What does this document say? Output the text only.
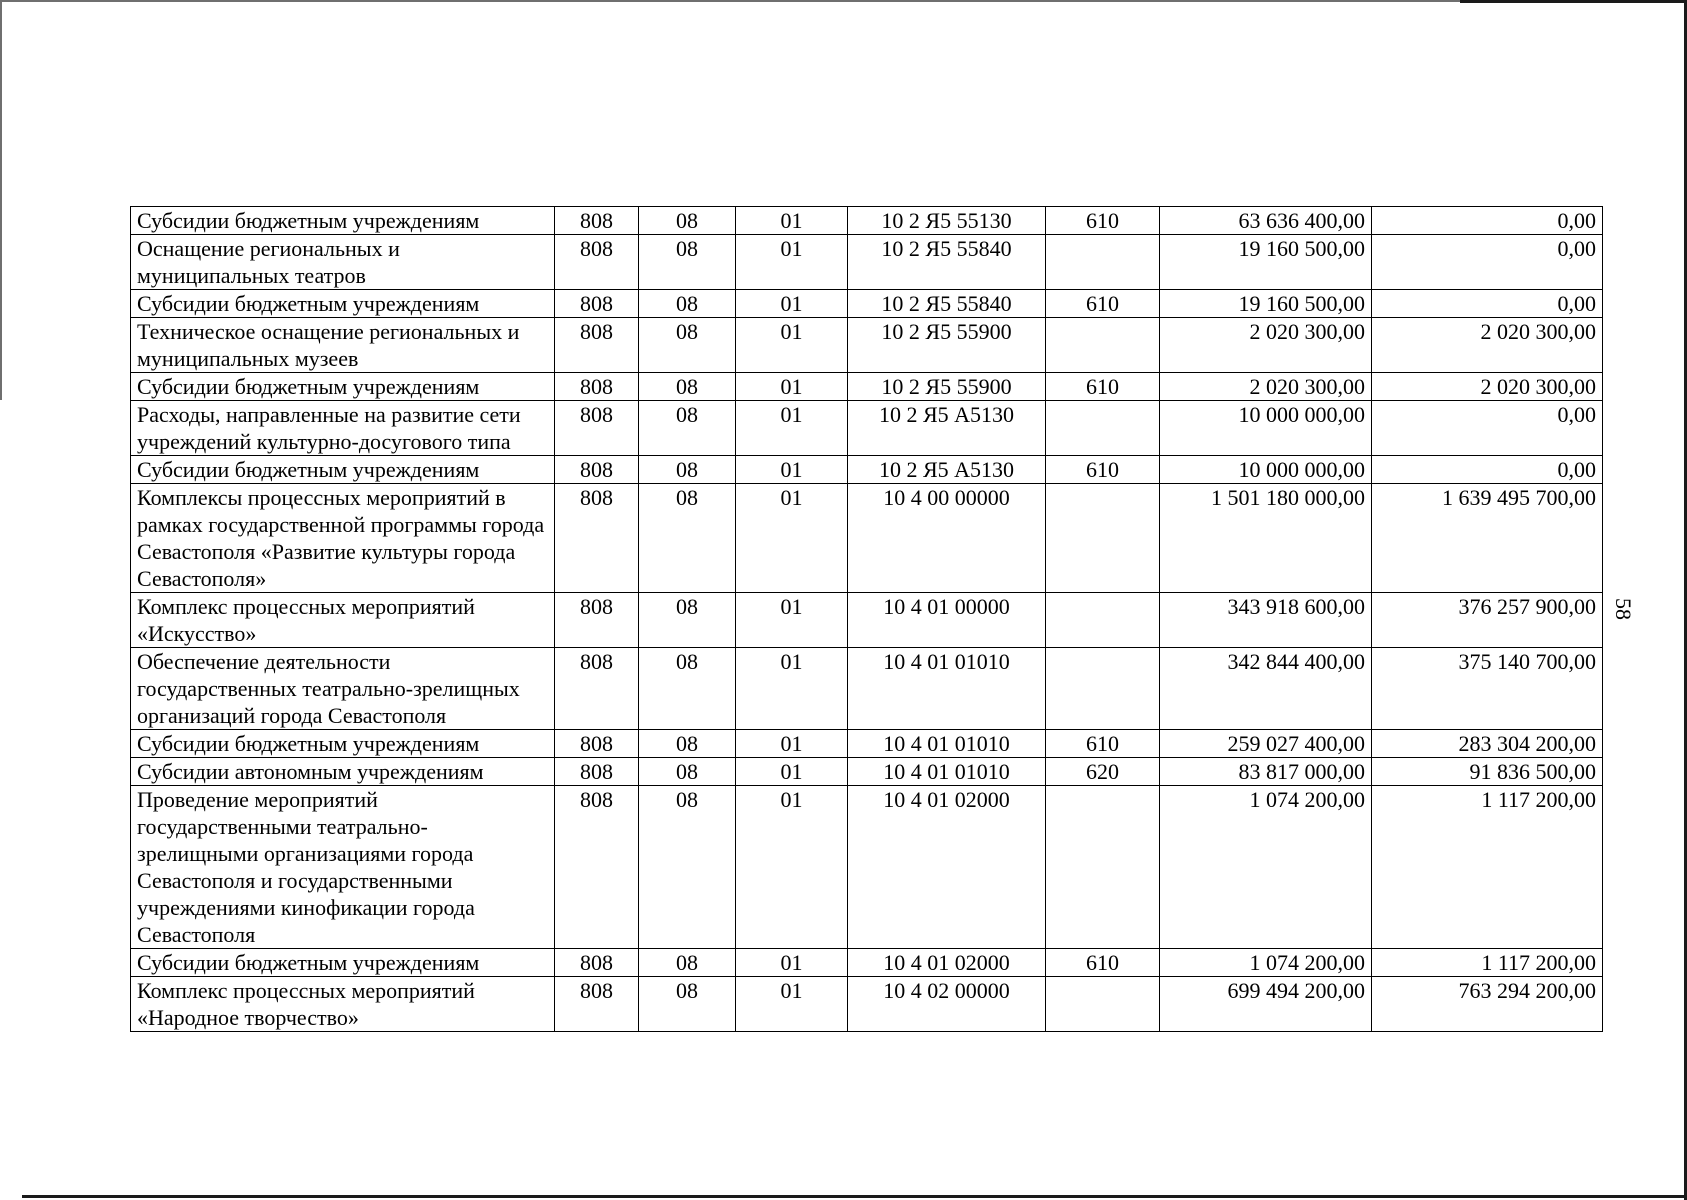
58
Субсидии бюджетным учреждениям	808	08	01	10 2 Я5 55130	610	63 636 400,00	0,00
Оснащение региональных и муниципальных театров	808	08	01	10 2 Я5 55840		19 160 500,00	0,00
Субсидии бюджетным учреждениям	808	08	01	10 2 Я5 55840	610	19 160 500,00	0,00
Техническое оснащение региональных и муниципальных музеев	808	08	01	10 2 Я5 55900		2 020 300,00	2 020 300,00
Субсидии бюджетным учреждениям	808	08	01	10 2 Я5 55900	610	2 020 300,00	2 020 300,00
Расходы, направленные на развитие сети учреждений культурно-досугового типа	808	08	01	10 2 Я5 А5130		10 000 000,00	0,00
Субсидии бюджетным учреждениям	808	08	01	10 2 Я5 А5130	610	10 000 000,00	0,00
Комплексы процессных мероприятий в рамках государственной программы города Севастополя «Развитие культуры города Севастополя»	808	08	01	10 4 00 00000		1 501 180 000,00	1 639 495 700,00
Комплекс процессных мероприятий «Искусство»	808	08	01	10 4 01 00000		343 918 600,00	376 257 900,00
Обеспечение деятельности государственных театрально-зрелищных организаций города Севастополя	808	08	01	10 4 01 01010		342 844 400,00	375 140 700,00
Субсидии бюджетным учреждениям	808	08	01	10 4 01 01010	610	259 027 400,00	283 304 200,00
Субсидии автономным учреждениям	808	08	01	10 4 01 01010	620	83 817 000,00	91 836 500,00
Проведение мероприятий государственными театрально-зрелищными организациями города Севастополя и государственными учреждениями кинофикации города Севастополя	808	08	01	10 4 01 02000		1 074 200,00	1 117 200,00
Субсидии бюджетным учреждениям	808	08	01	10 4 01 02000	610	1 074 200,00	1 117 200,00
Комплекс процессных мероприятий «Народное творчество»	808	08	01	10 4 02 00000		699 494 200,00	763 294 200,00
